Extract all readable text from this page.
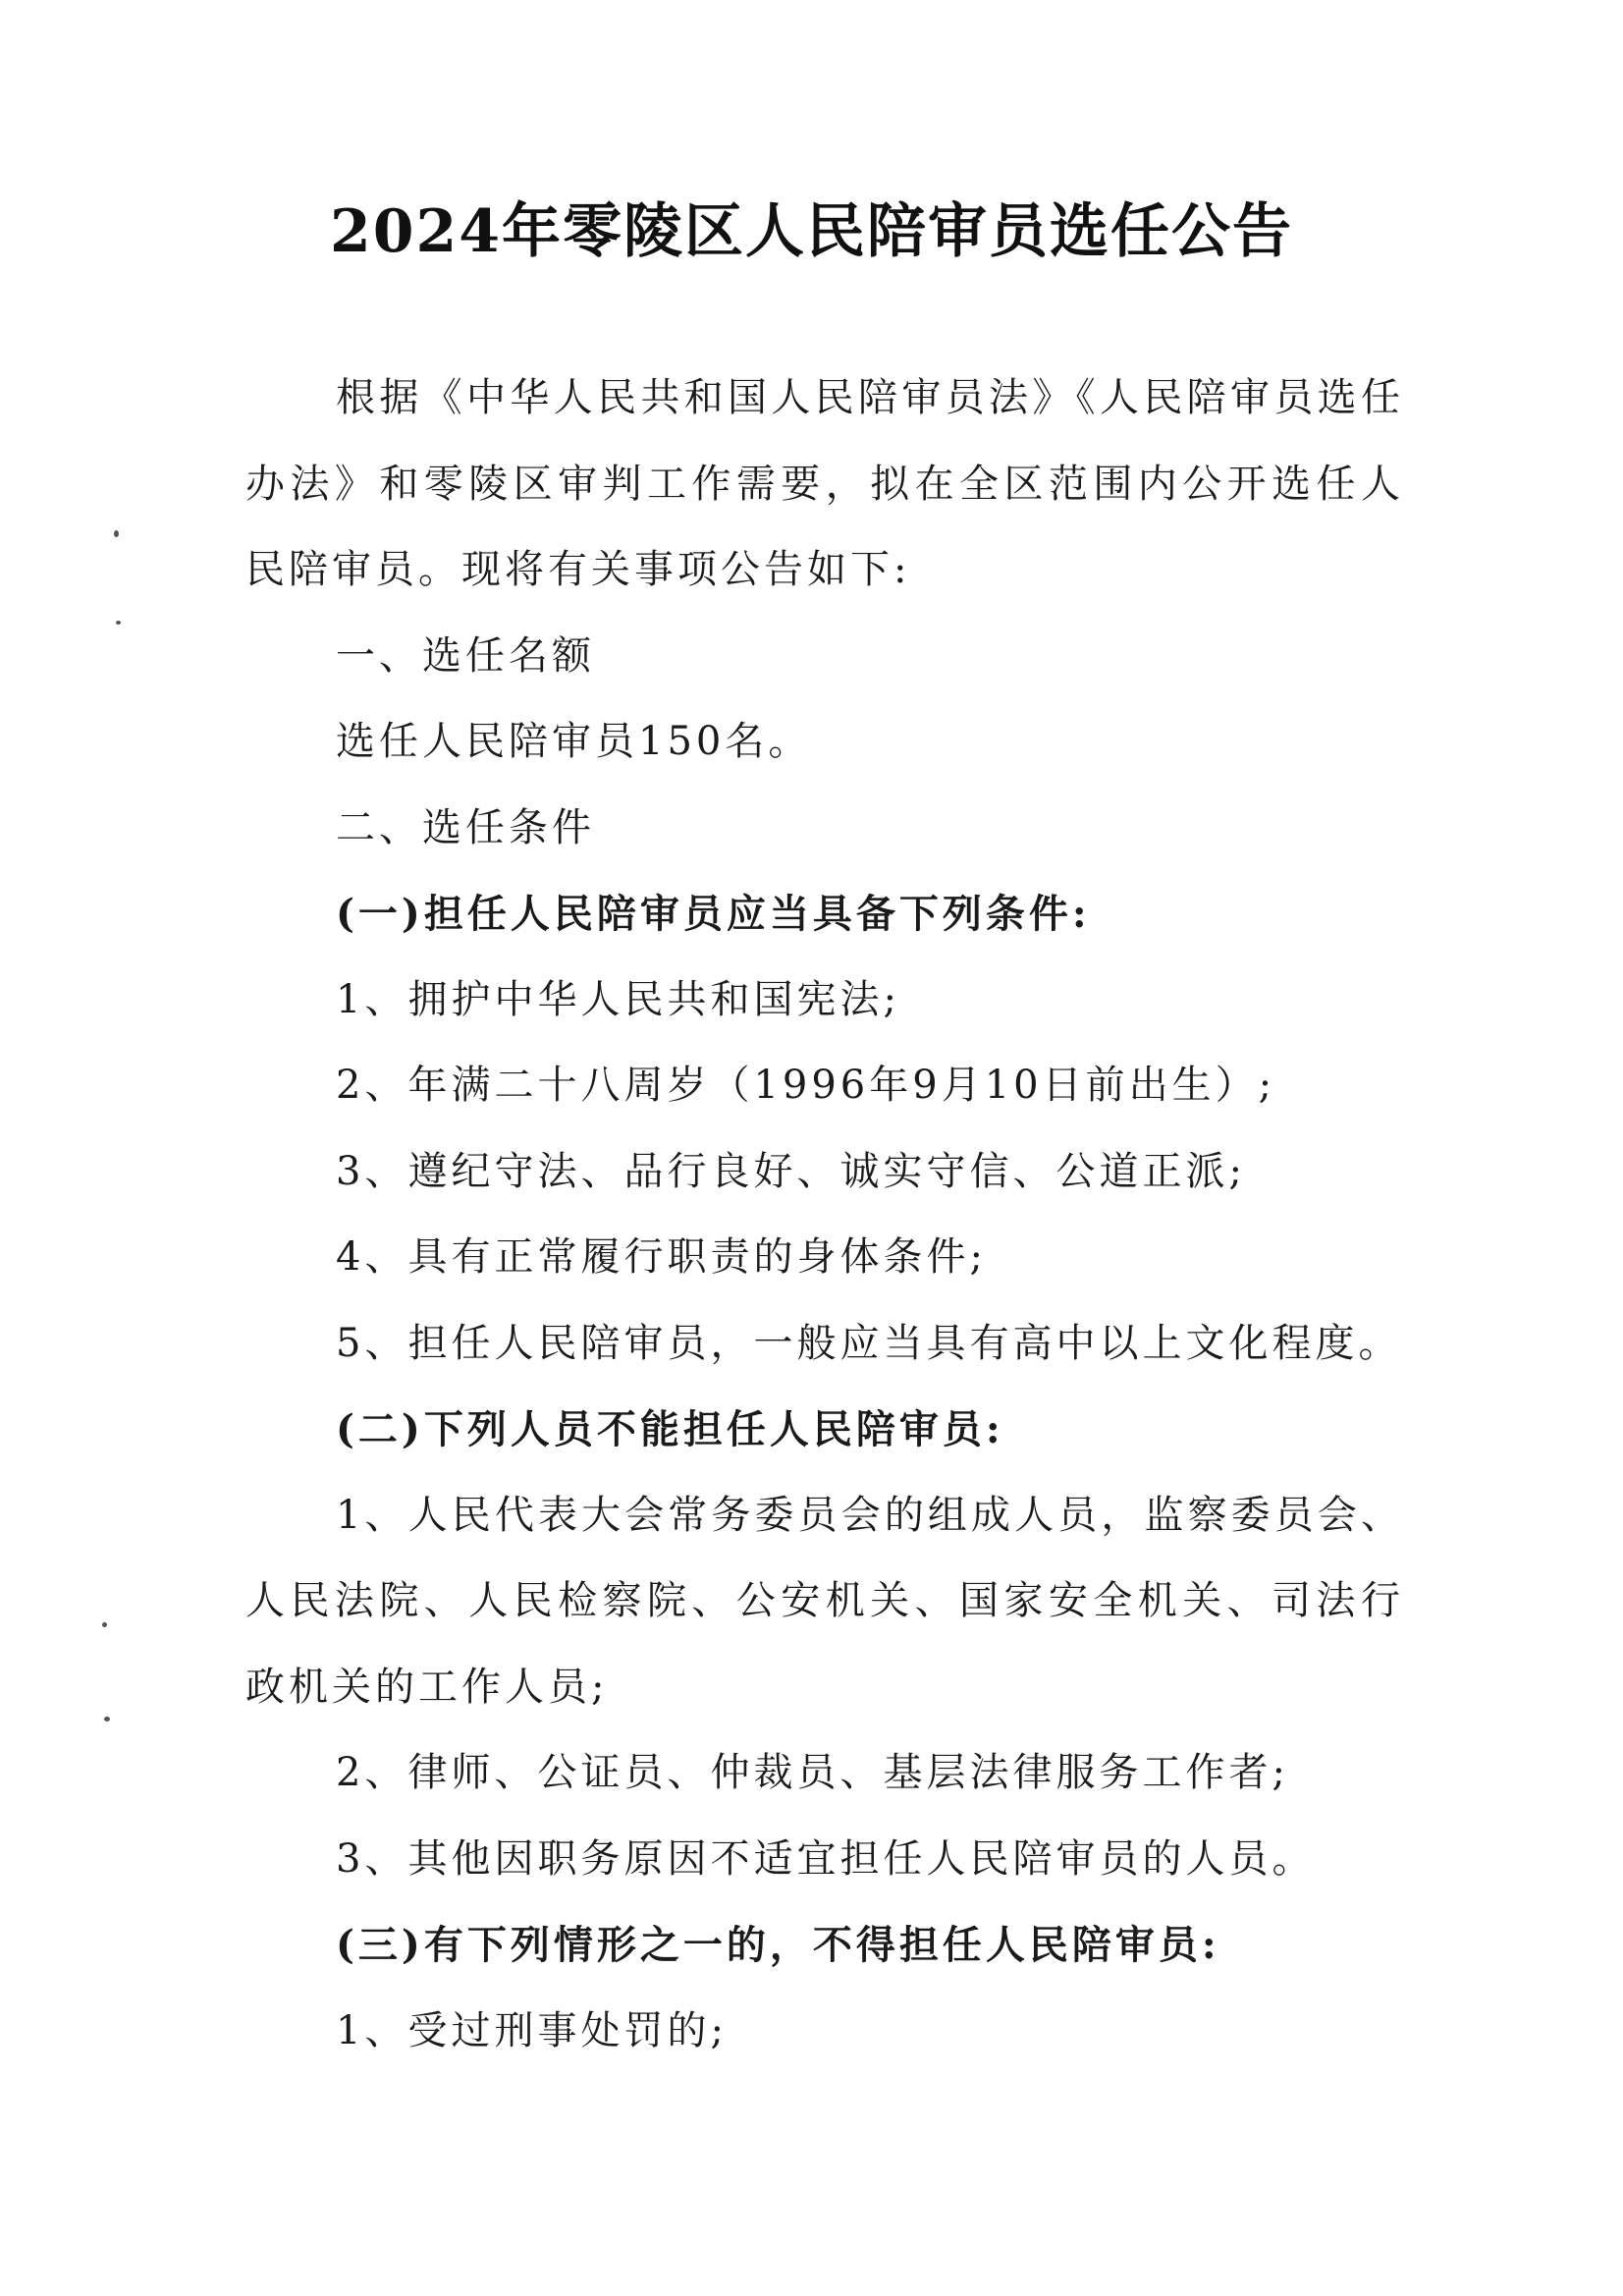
2024年零陵区人民陪审员选任公告

根据《中华人民共和国人民陪审员法》《人民陪审员选任办法》和零陵区审判工作需要，拟在全区范围内公开选任人民陪审员。现将有关事项公告如下:

一、选任名额

选任人民陪审员150名。

二、选任条件

(一)担任人民陪审员应当具备下列条件:

1、拥护中华人民共和国宪法;

2、年满二十八周岁（1996年9月10日前出生）;

3、遵纪守法、品行良好、诚实守信、公道正派;

4、具有正常履行职责的身体条件;

5、担任人民陪审员，一般应当具有高中以上文化程度。

(二)下列人员不能担任人民陪审员:

1、人民代表大会常务委员会的组成人员，监察委员会、人民法院、人民检察院、公安机关、国家安全机关、司法行政机关的工作人员;

2、律师、公证员、仲裁员、基层法律服务工作者;

3、其他因职务原因不适宜担任人民陪审员的人员。

(三)有下列情形之一的，不得担任人民陪审员:

1、受过刑事处罚的;
